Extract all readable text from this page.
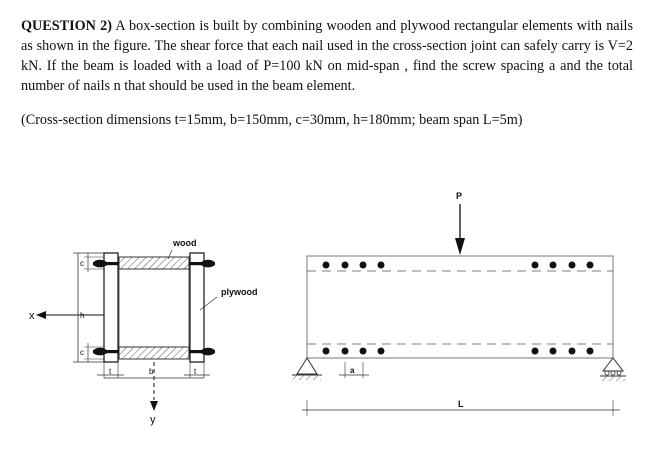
QUESTION 2) A box-section is built by combining wooden and plywood rectangular elements with nails as shown in the figure. The shear force that each nail used in the cross-section joint can safely carry is V=2 kN. If the beam is loaded with a load of P=100 kN on mid-span , find the screw spacing a and the total number of nails n that should be used in the beam element.

(Cross-section dimensions t=15mm, b=150mm, c=30mm, h=180mm; beam span L=5m)

x
y
h
c
c
t	t
b
wood
plywood
P
a
L
